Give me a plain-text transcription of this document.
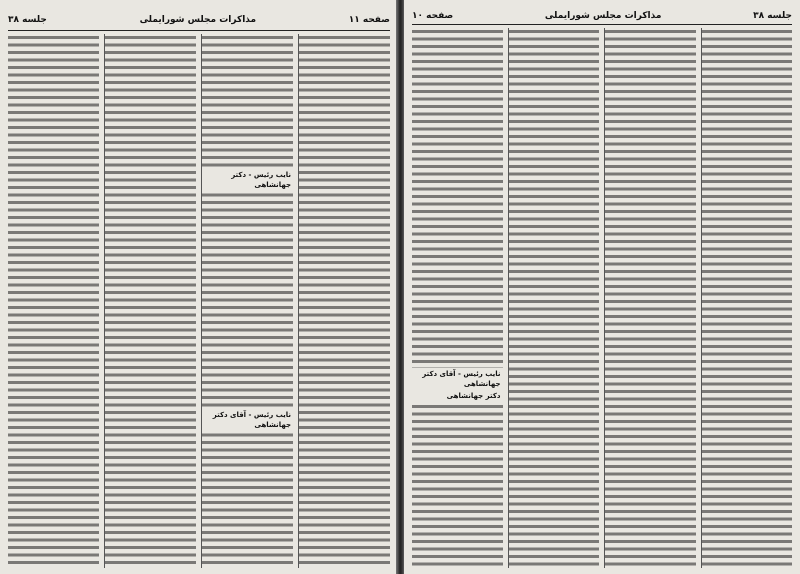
صفحه ۱۱
مذاکرات مجلس شورایملی
جلسه ۳۸
نایب رئیس - دکتر جهانشاهی
نایب رئیس - آقای دکتر جهانشاهی
جلسه ۳۸
مذاکرات مجلس شورایملی
صفحه ۱۰
نایب رئیس - آقای دکتر جهانشاهی
دکتر جهانشاهی
